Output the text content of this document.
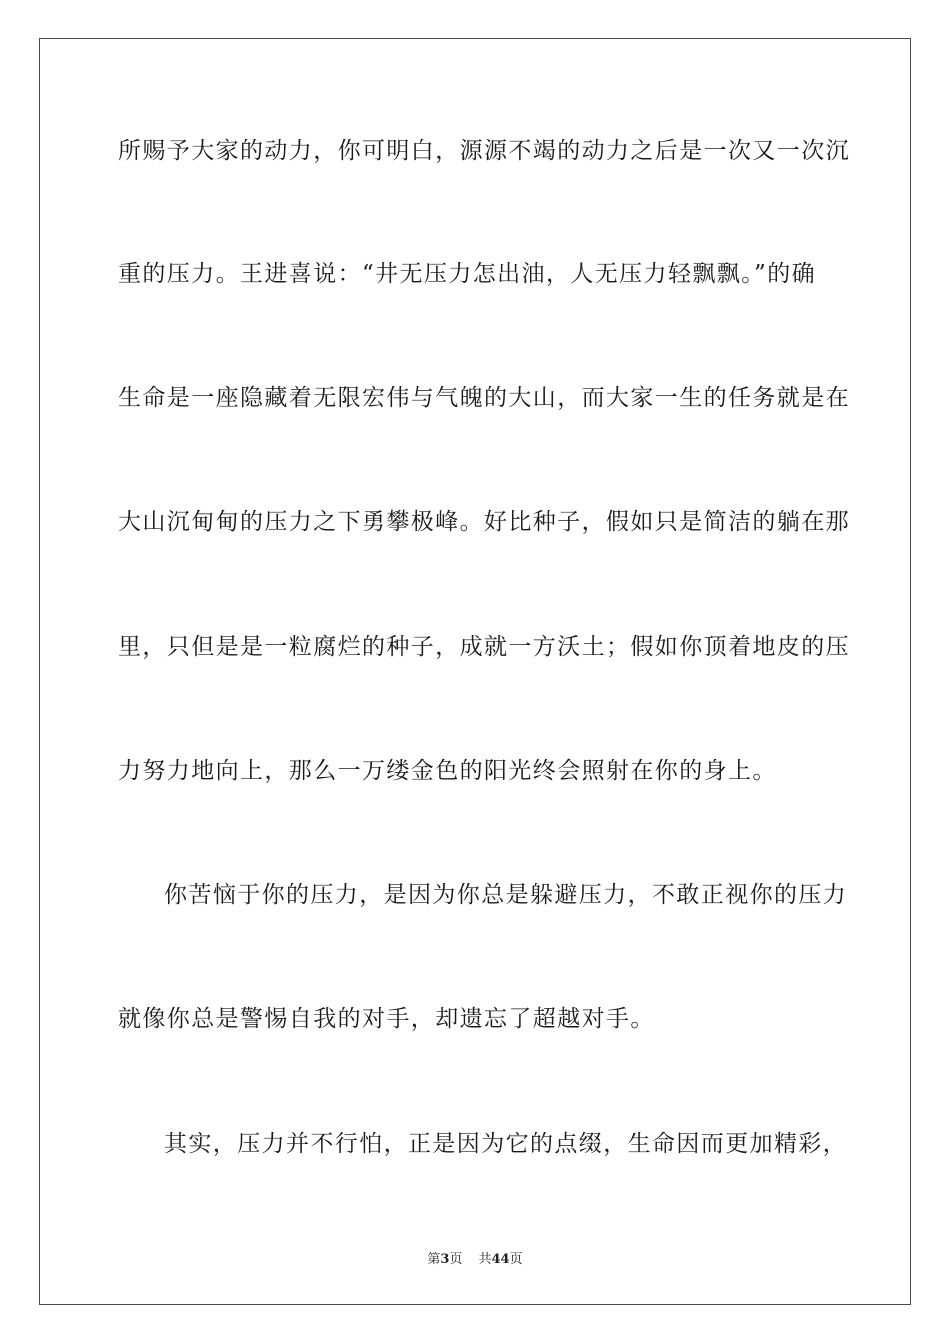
所赐予大家的动力，你可明白，源源不竭的动力之后是一次又一次沉
重的压力。王进喜说：“井无压力怎出油，人无压力轻飘飘。”的确
生命是一座隐藏着无限宏伟与气魄的大山，而大家一生的任务就是在
大山沉甸甸的压力之下勇攀极峰。好比种子，假如只是简洁的躺在那
里，只但是是一粒腐烂的种子，成就一方沃土；假如你顶着地皮的压
力努力地向上，那么一万缕金色的阳光终会照射在你的身上。
你苦恼于你的压力，是因为你总是躲避压力，不敢正视你的压力
就像你总是警惕自我的对手，却遗忘了超越对手。
其实，压力并不行怕，正是因为它的点缀，生命因而更加精彩，
第3页 共44页
